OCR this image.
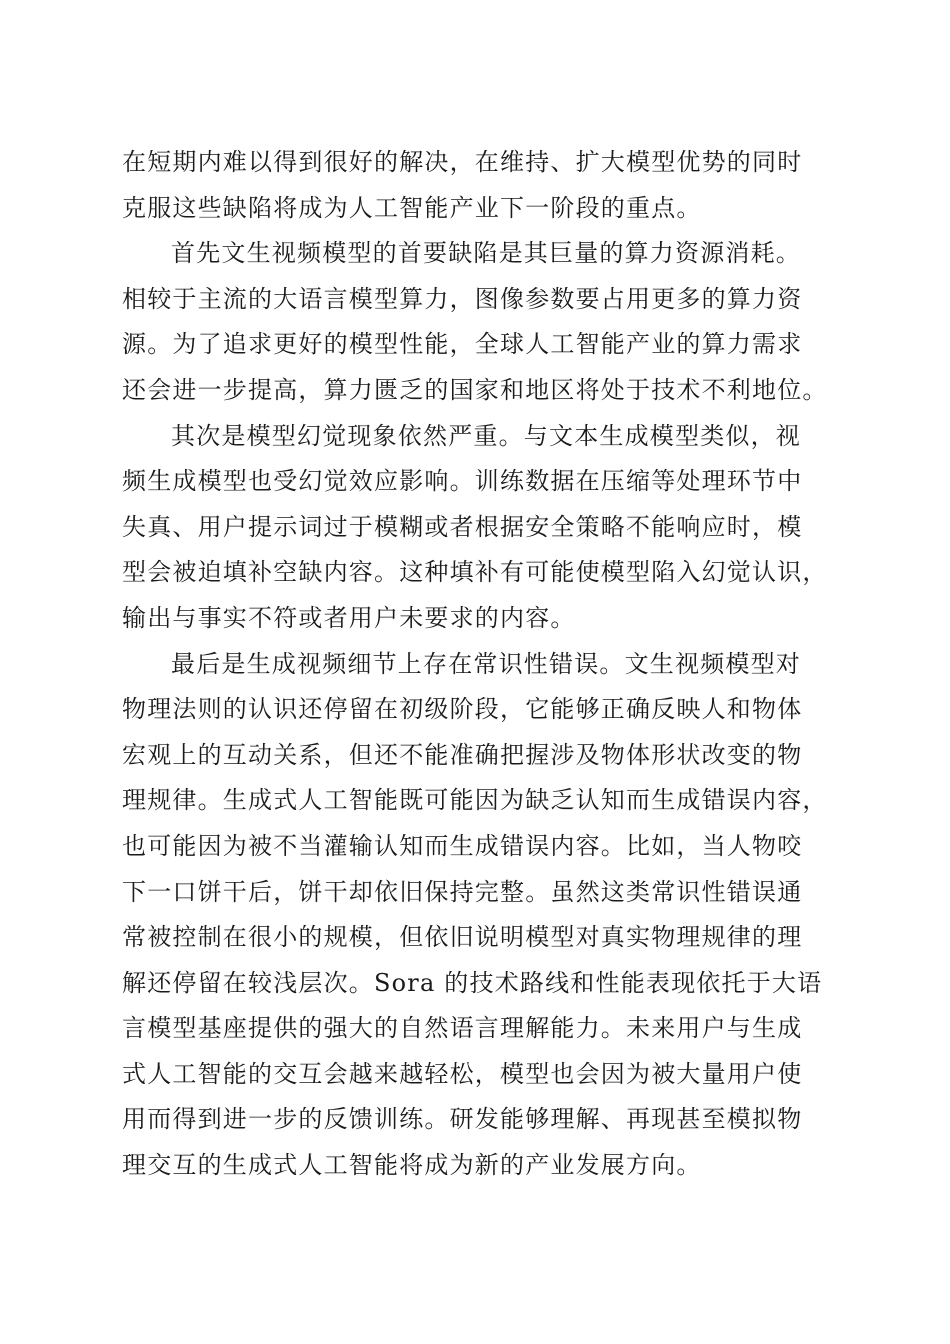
在短期内难以得到很好的解决，在维持、扩大模型优势的同时
克服这些缺陷将成为人工智能产业下一阶段的重点。
首先文生视频模型的首要缺陷是其巨量的算力资源消耗。
相较于主流的大语言模型算力，图像参数要占用更多的算力资
源。为了追求更好的模型性能，全球人工智能产业的算力需求
还会进一步提高，算力匮乏的国家和地区将处于技术不利地位。
其次是模型幻觉现象依然严重。与文本生成模型类似，视
频生成模型也受幻觉效应影响。训练数据在压缩等处理环节中
失真、用户提示词过于模糊或者根据安全策略不能响应时，模
型会被迫填补空缺内容。这种填补有可能使模型陷入幻觉认识，
输出与事实不符或者用户未要求的内容。
最后是生成视频细节上存在常识性错误。文生视频模型对
物理法则的认识还停留在初级阶段，它能够正确反映人和物体
宏观上的互动关系，但还不能准确把握涉及物体形状改变的物
理规律。生成式人工智能既可能因为缺乏认知而生成错误内容，
也可能因为被不当灌输认知而生成错误内容。比如，当人物咬
下一口饼干后，饼干却依旧保持完整。虽然这类常识性错误通
常被控制在很小的规模，但依旧说明模型对真实物理规律的理
解还停留在较浅层次。Sora 的技术路线和性能表现依托于大语
言模型基座提供的强大的自然语言理解能力。未来用户与生成
式人工智能的交互会越来越轻松，模型也会因为被大量用户使
用而得到进一步的反馈训练。研发能够理解、再现甚至模拟物
理交互的生成式人工智能将成为新的产业发展方向。
